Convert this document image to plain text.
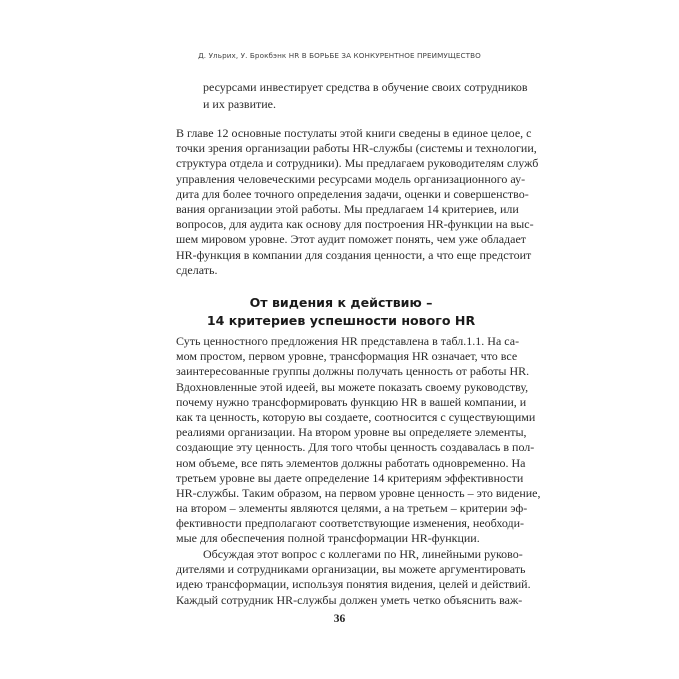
Д. Ульрих, У. Брокбэнк HR В БОРЬБЕ ЗА КОНКУРЕНТНОЕ ПРЕИМУЩЕСТВО
ресурсами инвестирует средства в обучение своих сотрудников
и их развитие.
В главе 12 основные постулаты этой книги сведены в единое целое, с
точки зрения организации работы HR-службы (системы и технологии,
структура отдела и сотрудники). Мы предлагаем руководителям служб
управления человеческими ресурсами модель организационного ау-
дита для более точного определения задачи, оценки и совершенство-
вания организации этой работы. Мы предлагаем 14 критериев, или
вопросов, для аудита как основу для построения HR-функции на выс-
шем мировом уровне. Этот аудит поможет понять, чем уже обладает
HR-функция в компании для создания ценности, а что еще предстоит
сделать.
От видения к действию –
14 критериев успешности нового HR
Суть ценностного предложения HR представлена в табл.1.1. На са-
мом простом, первом уровне, трансформация HR означает, что все
заинтересованные группы должны получать ценность от работы HR.
Вдохновленные этой идеей, вы можете показать своему руководству,
почему нужно трансформировать функцию HR в вашей компании, и
как та ценность, которую вы создаете, соотносится с существующими
реалиями организации. На втором уровне вы определяете элементы,
создающие эту ценность. Для того чтобы ценность создавалась в пол-
ном объеме, все пять элементов должны работать одновременно. На
третьем уровне вы даете определение 14 критериям эффективности
HR-службы. Таким образом, на первом уровне ценность – это видение,
на втором – элементы являются целями, а на третьем – критерии эф-
фективности предполагают соответствующие изменения, необходи-
мые для обеспечения полной трансформации HR-функции.
Обсуждая этот вопрос с коллегами по HR, линейными руково-
дителями и сотрудниками организации, вы можете аргументировать
идею трансформации, используя понятия видения, целей и действий.
Каждый сотрудник HR-службы должен уметь четко объяснить важ-
36
